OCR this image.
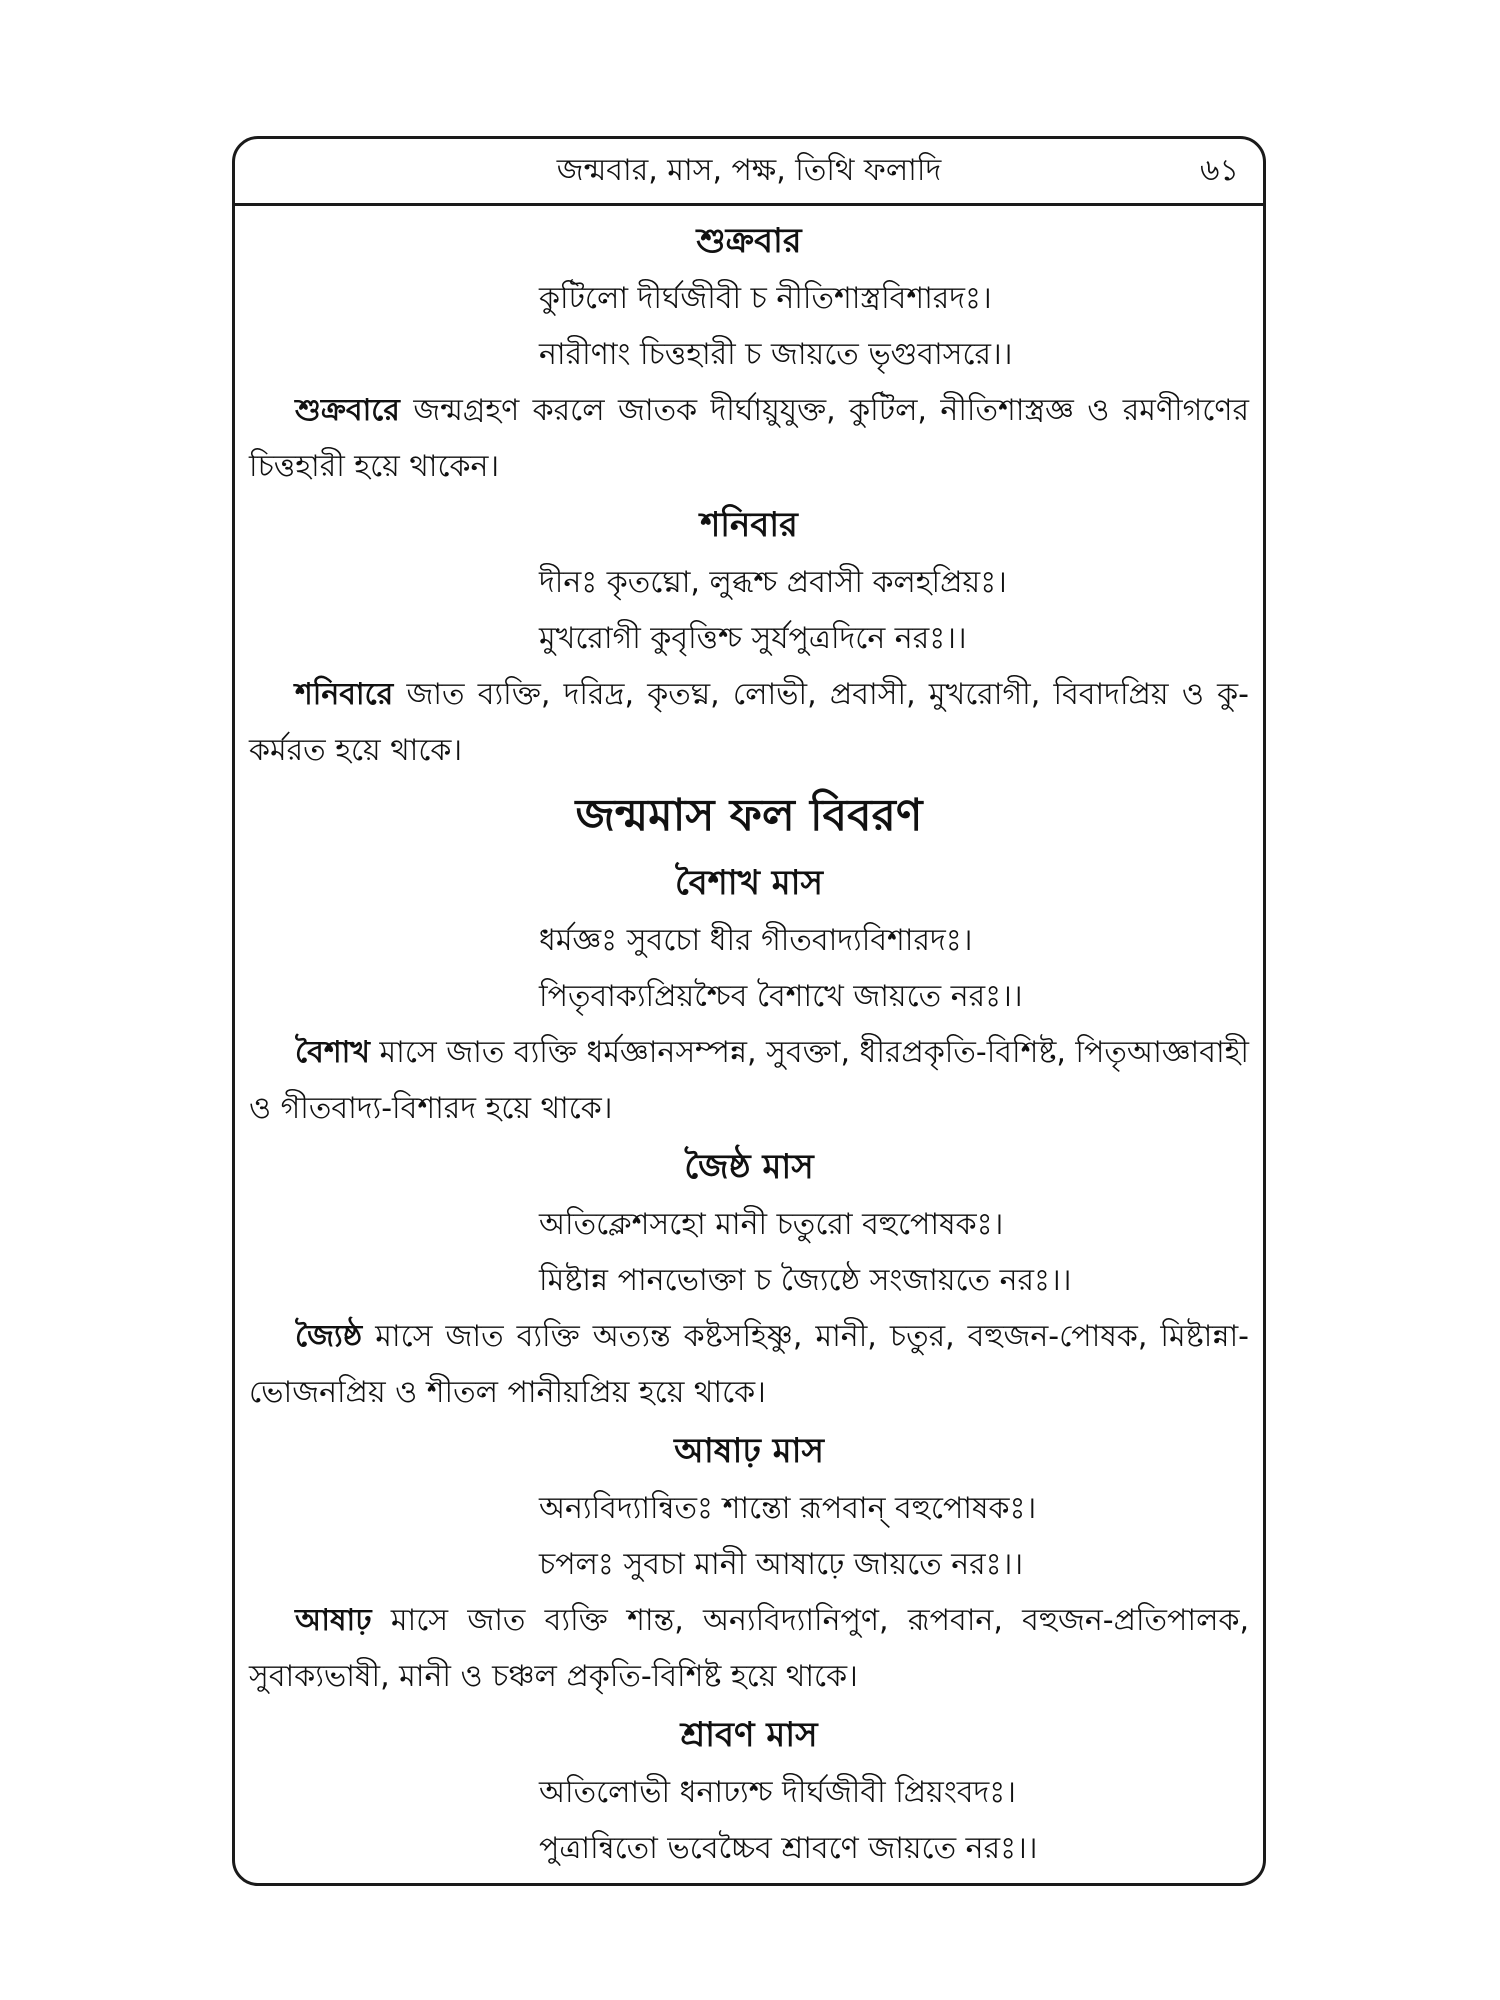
জন্মবার, মাস, পক্ষ, তিথি ফলাদি	৬১
শুক্রবার
কুটিলো দীর্ঘজীবী চ নীতিশাস্ত্রবিশারদঃ।
নারীণাং চিত্তহারী চ জায়তে ভৃগুবাসরে।।
শুক্রবারে জন্মগ্রহণ করলে জাতক দীর্ঘায়ুযুক্ত, কুটিল, নীতিশাস্ত্রজ্ঞ ও রমণীগণের চিত্তহারী হয়ে থাকেন।
শনিবার
দীনঃ কৃতঘ্নো, লুব্ধশ্চ প্রবাসী কলহপ্রিয়ঃ।
মুখরোগী কুবৃত্তিশ্চ সুর্যপুত্রদিনে নরঃ।।
শনিবারে জাত ব্যক্তি, দরিদ্র, কৃতঘ্ন, লোভী, প্রবাসী, মুখরোগী, বিবাদপ্রিয় ও কু-কর্মরত হয়ে থাকে।
জন্মমাস ফল বিবরণ
বৈশাখ মাস
ধর্মজ্ঞঃ সুবচো ধীর গীতবাদ্যবিশারদঃ।
পিতৃবাক্যপ্রিয়শ্চৈব বৈশাখে জায়তে নরঃ।।
বৈশাখ মাসে জাত ব্যক্তি ধর্মজ্ঞানসম্পন্ন, সুবক্তা, ধীরপ্রকৃতি-বিশিষ্ট, পিতৃআজ্ঞাবাহী ও গীতবাদ্য-বিশারদ হয়ে থাকে।
জৈষ্ঠ মাস
অতিক্লেশসহো মানী চতুরো বহুপোষকঃ।
মিষ্টান্ন পানভোক্তা চ জ্যৈষ্ঠে সংজায়তে নরঃ।।
জ্যৈষ্ঠ মাসে জাত ব্যক্তি অত্যন্ত কষ্টসহিষ্ণু, মানী, চতুর, বহুজন-পোষক, মিষ্টান্না-ভোজনপ্রিয় ও শীতল পানীয়প্রিয় হয়ে থাকে।
আষাঢ় মাস
অন্যবিদ্যান্বিতঃ শান্তো রূপবান্ বহুপোষকঃ।
চপলঃ সুবচা মানী আষাঢ়ে জায়তে নরঃ।।
আষাঢ় মাসে জাত ব্যক্তি শান্ত, অন্যবিদ্যানিপুণ, রূপবান, বহুজন-প্রতিপালক, সুবাক্যভাষী, মানী ও চঞ্চল প্রকৃতি-বিশিষ্ট হয়ে থাকে।
শ্রাবণ মাস
অতিলোভী ধনাঢ্যশ্চ দীর্ঘজীবী প্রিয়ংবদঃ।
পুত্রান্বিতো ভবেচ্চৈব শ্রাবণে জায়তে নরঃ।।
